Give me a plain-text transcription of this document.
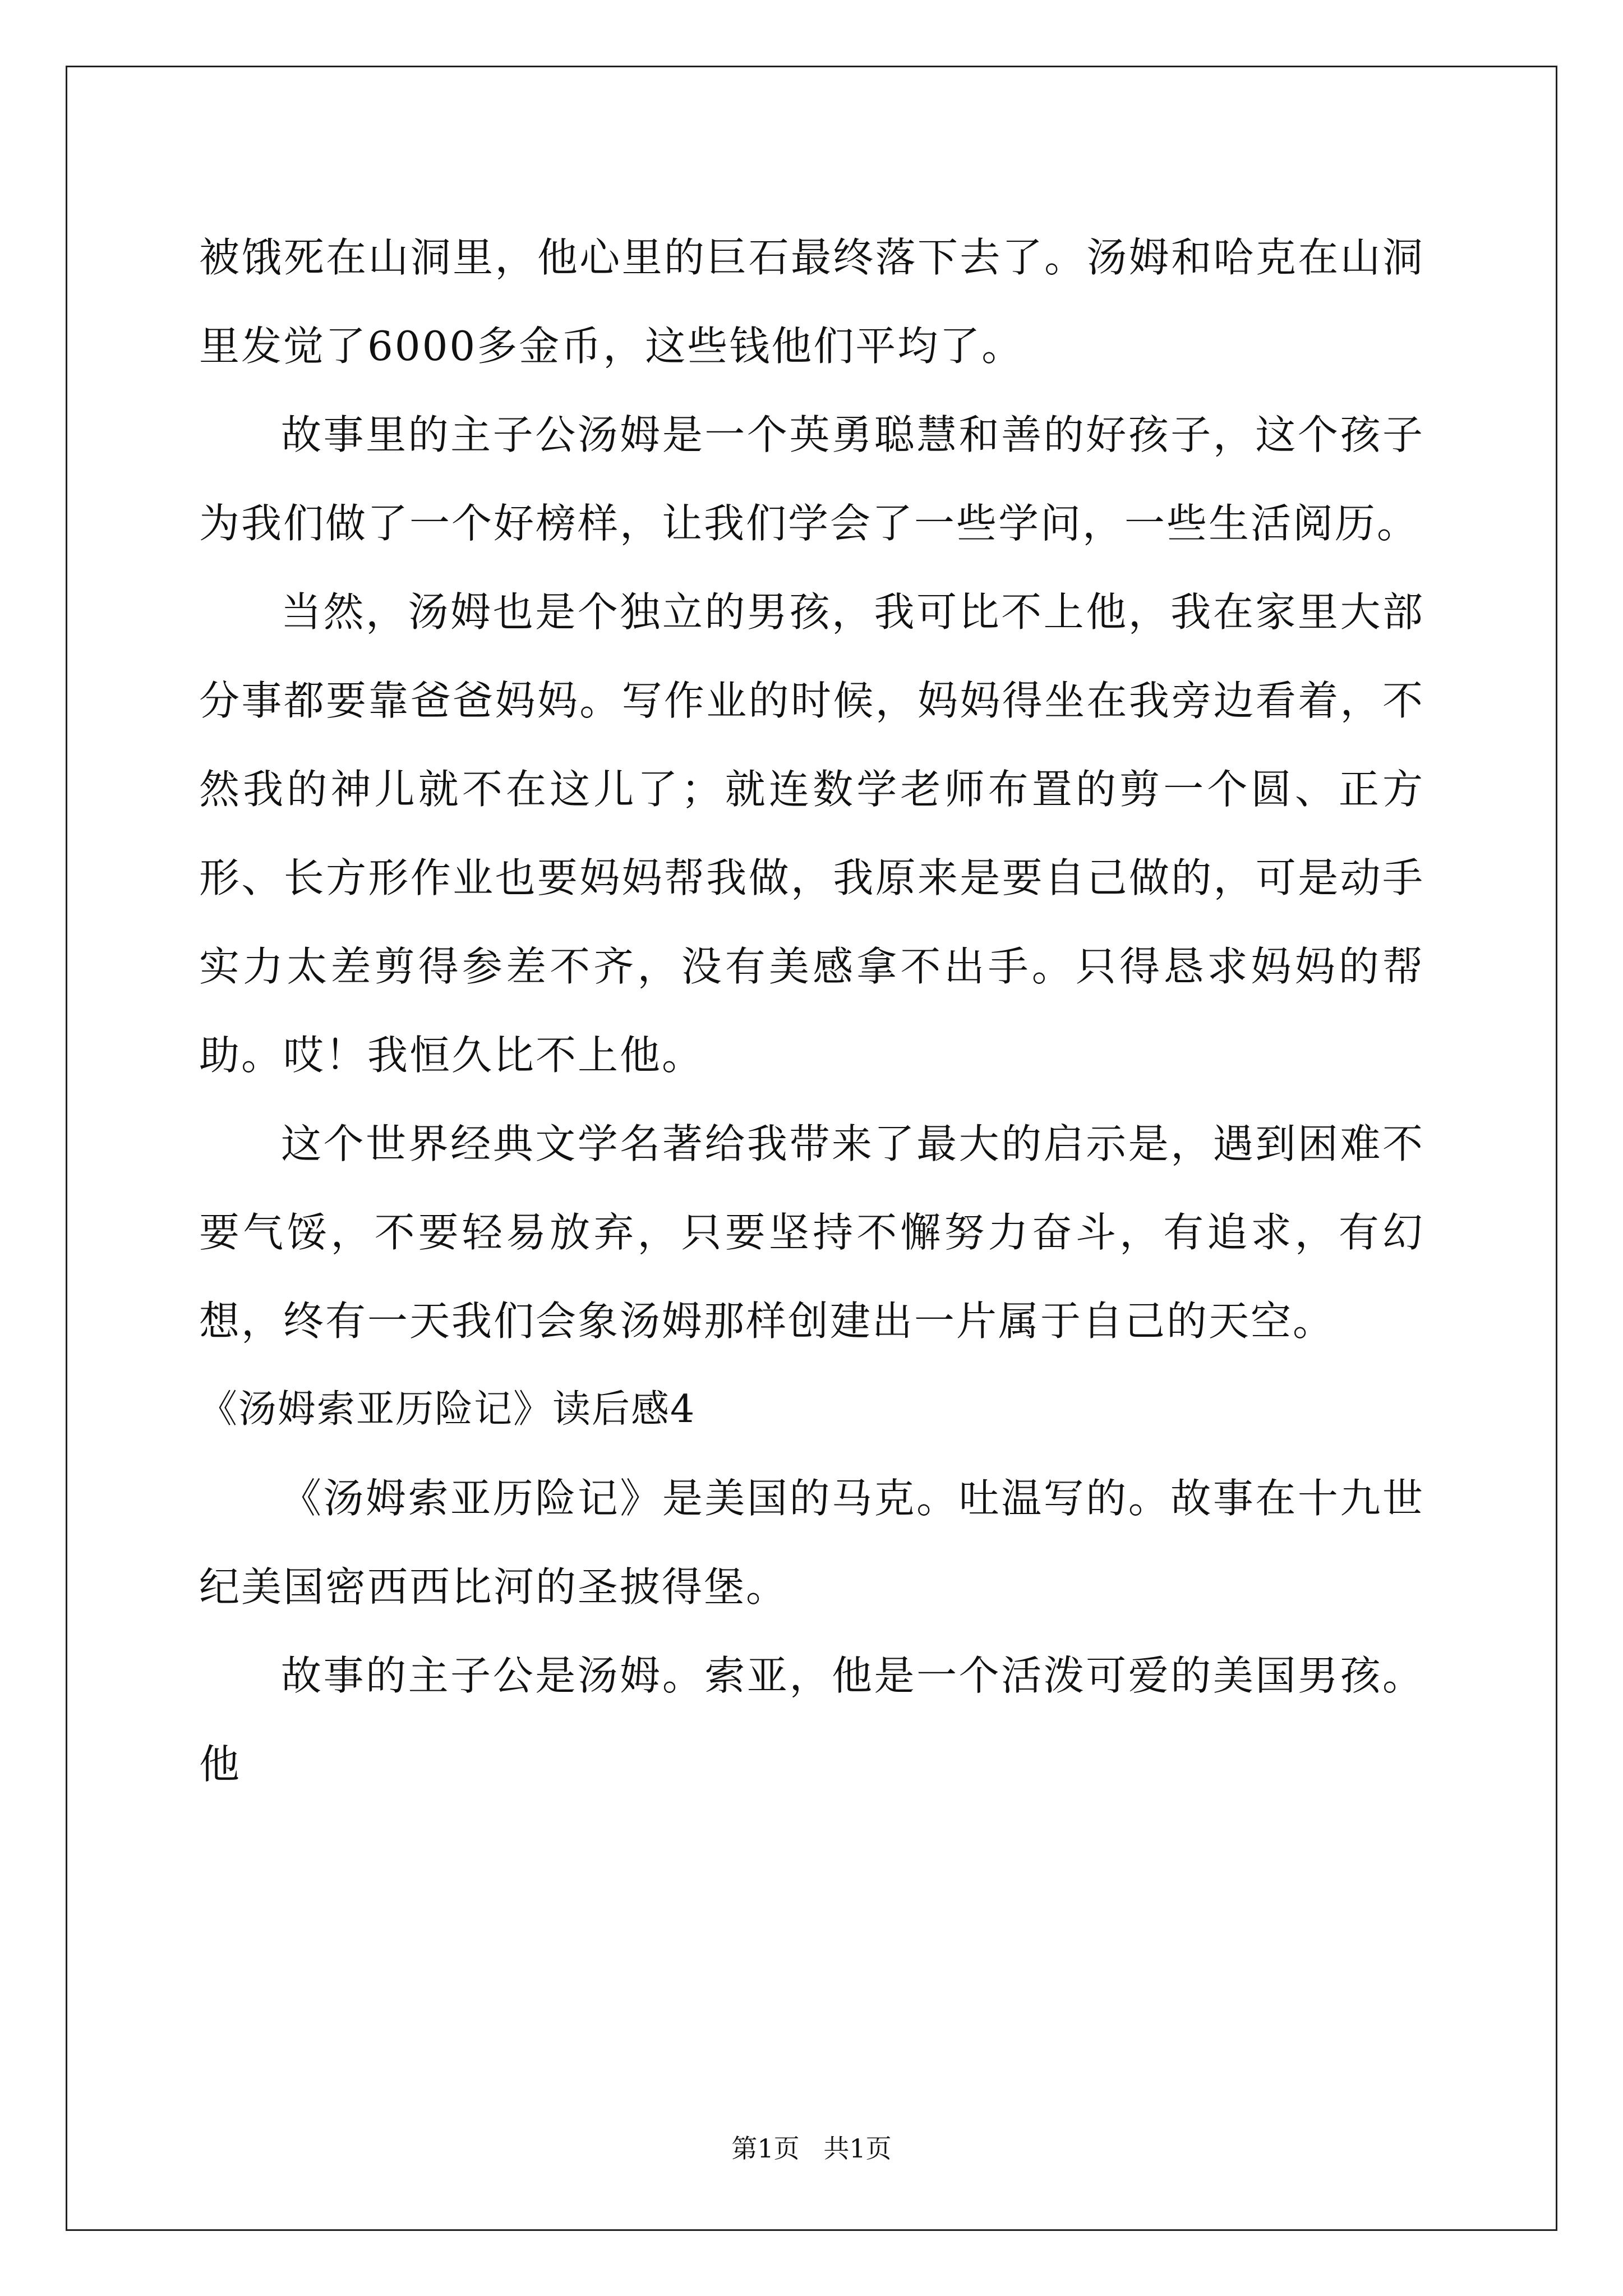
被饿死在山洞里，他心里的巨石最终落下去了。汤姆和哈克在山洞里发觉了6000多金币，这些钱他们平均了。

故事里的主子公汤姆是一个英勇聪慧和善的好孩子，这个孩子为我们做了一个好榜样，让我们学会了一些学问，一些生活阅历。

当然，汤姆也是个独立的男孩，我可比不上他，我在家里大部分事都要靠爸爸妈妈。写作业的时候，妈妈得坐在我旁边看着，不然我的神儿就不在这儿了；就连数学老师布置的剪一个圆、正方形、长方形作业也要妈妈帮我做，我原来是要自己做的，可是动手实力太差剪得参差不齐，没有美感拿不出手。只得恳求妈妈的帮助。哎！我恒久比不上他。

这个世界经典文学名著给我带来了最大的启示是，遇到困难不要气馁，不要轻易放弃，只要坚持不懈努力奋斗，有追求，有幻想，终有一天我们会象汤姆那样创建出一片属于自己的天空。

《汤姆索亚历险记》读后感4

《汤姆索亚历险记》是美国的马克。吐温写的。故事在十九世纪美国密西西比河的圣披得堡。

故事的主子公是汤姆。索亚，他是一个活泼可爱的美国男孩。他

第1页 共1页
